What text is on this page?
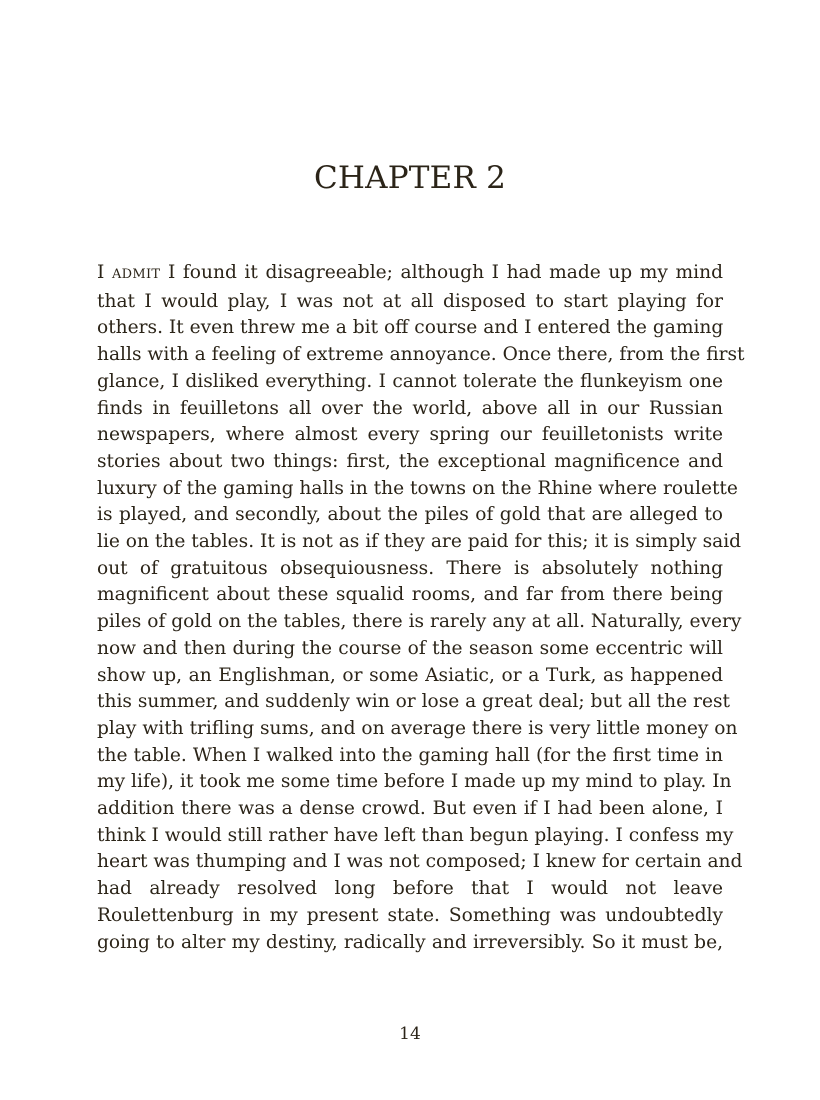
CHAPTER 2
I ADMIT I found it disagreeable; although I had made up my mind
that I would play, I was not at all disposed to start playing for
others. It even threw me a bit off course and I entered the gaming
halls with a feeling of extreme annoyance. Once there, from the first
glance, I disliked everything. I cannot tolerate the flunkeyism one
finds in feuilletons all over the world, above all in our Russian
newspapers, where almost every spring our feuilletonists write
stories about two things: first, the exceptional magnificence and
luxury of the gaming halls in the towns on the Rhine where roulette
is played, and secondly, about the piles of gold that are alleged to
lie on the tables. It is not as if they are paid for this; it is simply said
out of gratuitous obsequiousness. There is absolutely nothing
magnificent about these squalid rooms, and far from there being
piles of gold on the tables, there is rarely any at all. Naturally, every
now and then during the course of the season some eccentric will
show up, an Englishman, or some Asiatic, or a Turk, as happened
this summer, and suddenly win or lose a great deal; but all the rest
play with trifling sums, and on average there is very little money on
the table. When I walked into the gaming hall (for the first time in
my life), it took me some time before I made up my mind to play. In
addition there was a dense crowd. But even if I had been alone, I
think I would still rather have left than begun playing. I confess my
heart was thumping and I was not composed; I knew for certain and
had already resolved long before that I would not leave
Roulettenburg in my present state. Something was undoubtedly
going to alter my destiny, radically and irreversibly. So it must be,
14
